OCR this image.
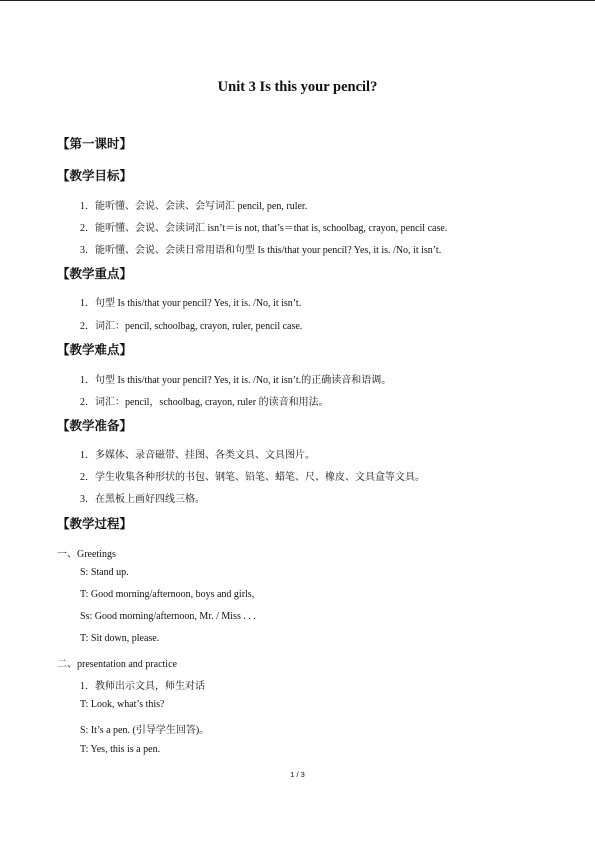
Unit 3 Is this your pencil?
【第一课时】
【教学目标】
1．能听懂、会说、会读、会写词汇 pencil, pen, ruler.
2．能听懂、会说、会读词汇 isn’t＝is not, that’s＝that is, schoolbag, crayon, pencil case.
3．能听懂、会说、会读日常用语和句型 Is this/that your pencil? Yes, it is. /No, it isn’t.
【教学重点】
1．句型 Is this/that your pencil? Yes, it is. /No, it isn’t.
2．词汇：pencil, schoolbag, crayon, ruler, pencil case.
【教学难点】
1．句型 Is this/that your pencil? Yes, it is. /No, it isn’t.的正确读音和语调。
2．词汇：pencil，schoolbag, crayon, ruler 的读音和用法。
【教学准备】
1．多媒体、录音磁带、挂图、各类文具、文具图片。
2．学生收集各种形状的书包、钢笔、铅笔、蜡笔、尺、橡皮、文具盒等文具。
3．在黑板上画好四线三格。
【教学过程】
一、Greetings
S: Stand up.
T: Good morning/afternoon, boys and girls,
Ss: Good morning/afternoon, Mr. / Miss . . .
T: Sit down, please.
二、presentation and practice
1．教师出示文具，师生对话
T: Look, what’s this?
S: It’s a pen. (引导学生回答)。
T: Yes, this is a pen.
1 / 3
